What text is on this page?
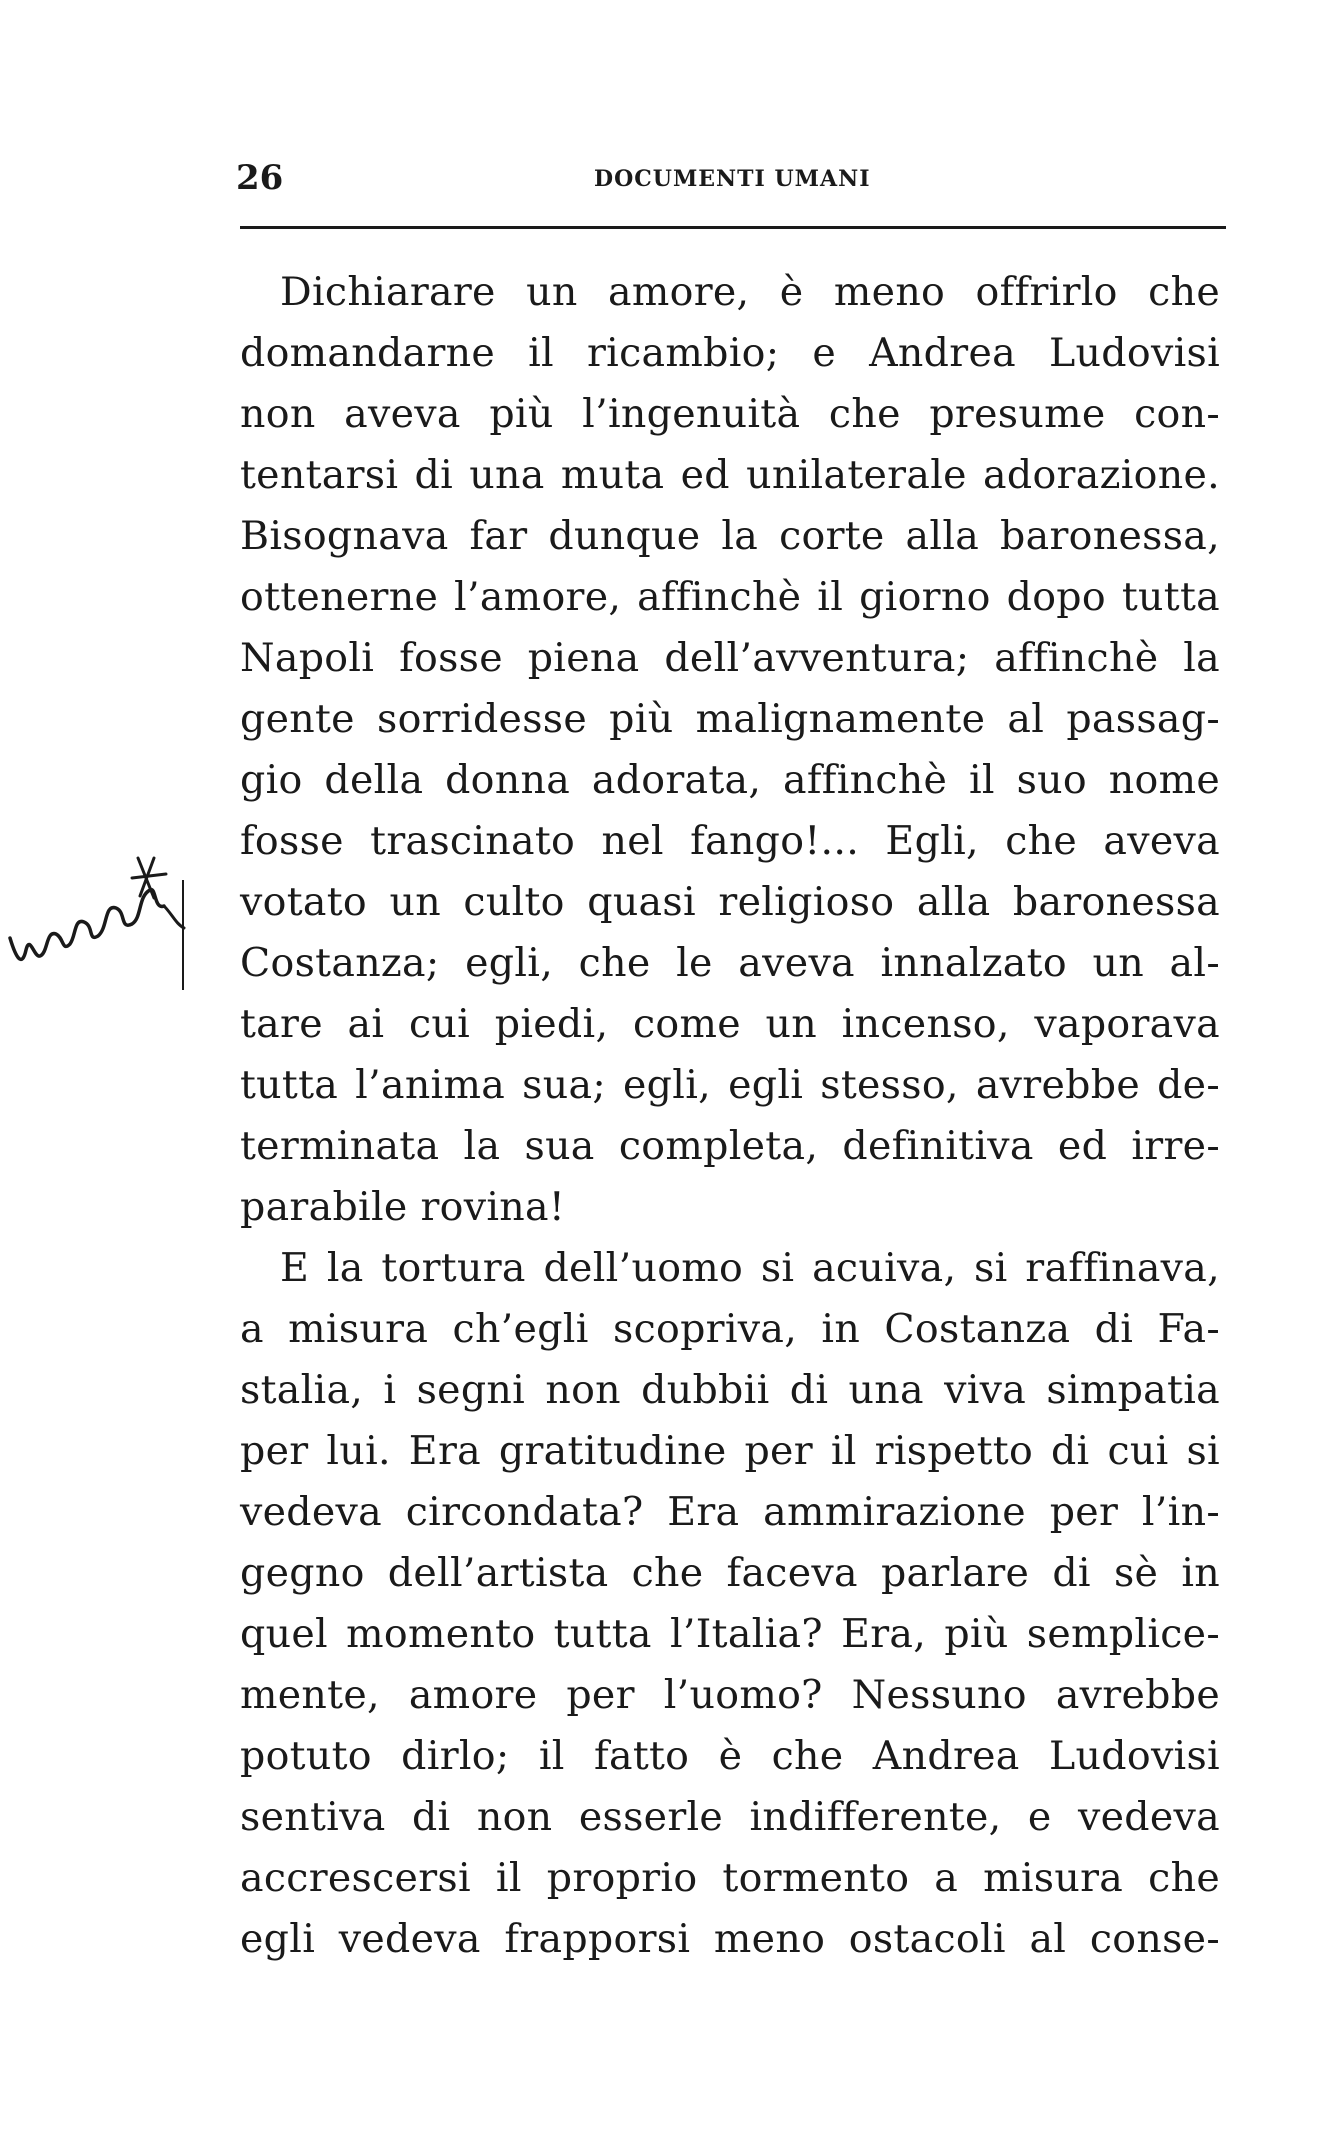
26	DOCUMENTI UMANI
Dichiarare un amore, è meno offrirlo che
domandarne il ricambio; e Andrea Ludovisi
non aveva più l’ingenuità che presume con-
tentarsi di una muta ed unilaterale adorazione.
Bisognava far dunque la corte alla baronessa,
ottenerne l’amore, affinchè il giorno dopo tutta
Napoli fosse piena dell’avventura; affinchè la
gente sorridesse più malignamente al passag-
gio della donna adorata, affinchè il suo nome
fosse trascinato nel fango!... Egli, che aveva
votato un culto quasi religioso alla baronessa
Costanza; egli, che le aveva innalzato un al-
tare ai cui piedi, come un incenso, vaporava
tutta l’anima sua; egli, egli stesso, avrebbe de-
terminata la sua completa, definitiva ed irre-
parabile rovina!
E la tortura dell’uomo si acuiva, si raffinava,
a misura ch’egli scopriva, in Costanza di Fa-
stalia, i segni non dubbii di una viva simpatia
per lui. Era gratitudine per il rispetto di cui si
vedeva circondata? Era ammirazione per l’in-
gegno dell’artista che faceva parlare di sè in
quel momento tutta l’Italia? Era, più semplice-
mente, amore per l’uomo? Nessuno avrebbe
potuto dirlo; il fatto è che Andrea Ludovisi
sentiva di non esserle indifferente, e vedeva
accrescersi il proprio tormento a misura che
egli vedeva frapporsi meno ostacoli al conse-
